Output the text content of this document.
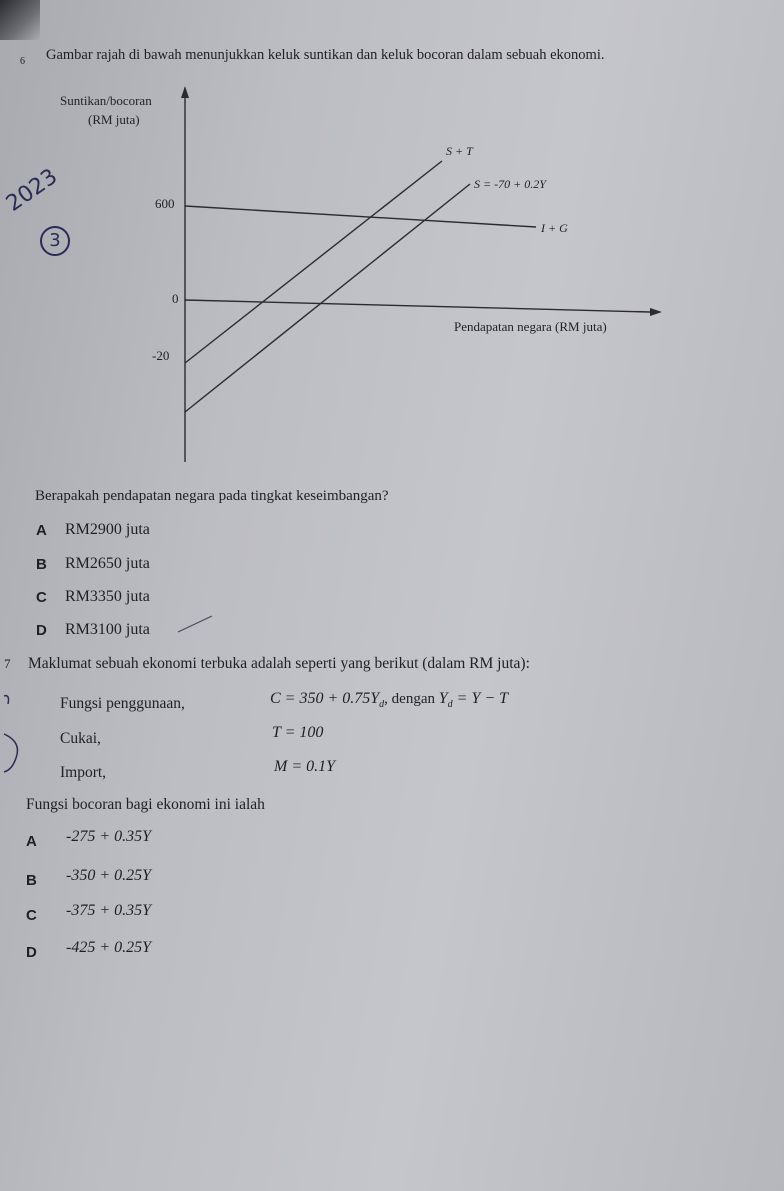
6 Gambar rajah di bawah menunjukkan keluk suntikan dan keluk bocoran dalam sebuah ekonomi.
2023
3
Suntikan/bocoran
(RM juta)
600
0
-20
S + T
S = -70 + 0.2Y
I + G
Pendapatan negara (RM juta)
Berapakah pendapatan negara pada tingkat keseimbangan?
A RM2900 juta
B RM2650 juta
C RM3350 juta
D RM3100 juta
7 Maklumat sebuah ekonomi terbuka adalah seperti yang berikut (dalam RM juta):
Fungsi penggunaan,	$C = 350 + 0.75Y_d$, dengan $Y_d = Y - T$
Cukai,	T = 100
Import,	M = 0.1Y
Fungsi bocoran bagi ekonomi ini ialah
A -275 + 0.35Y
B -350 + 0.25Y
C -375 + 0.35Y
D -425 + 0.25Y
